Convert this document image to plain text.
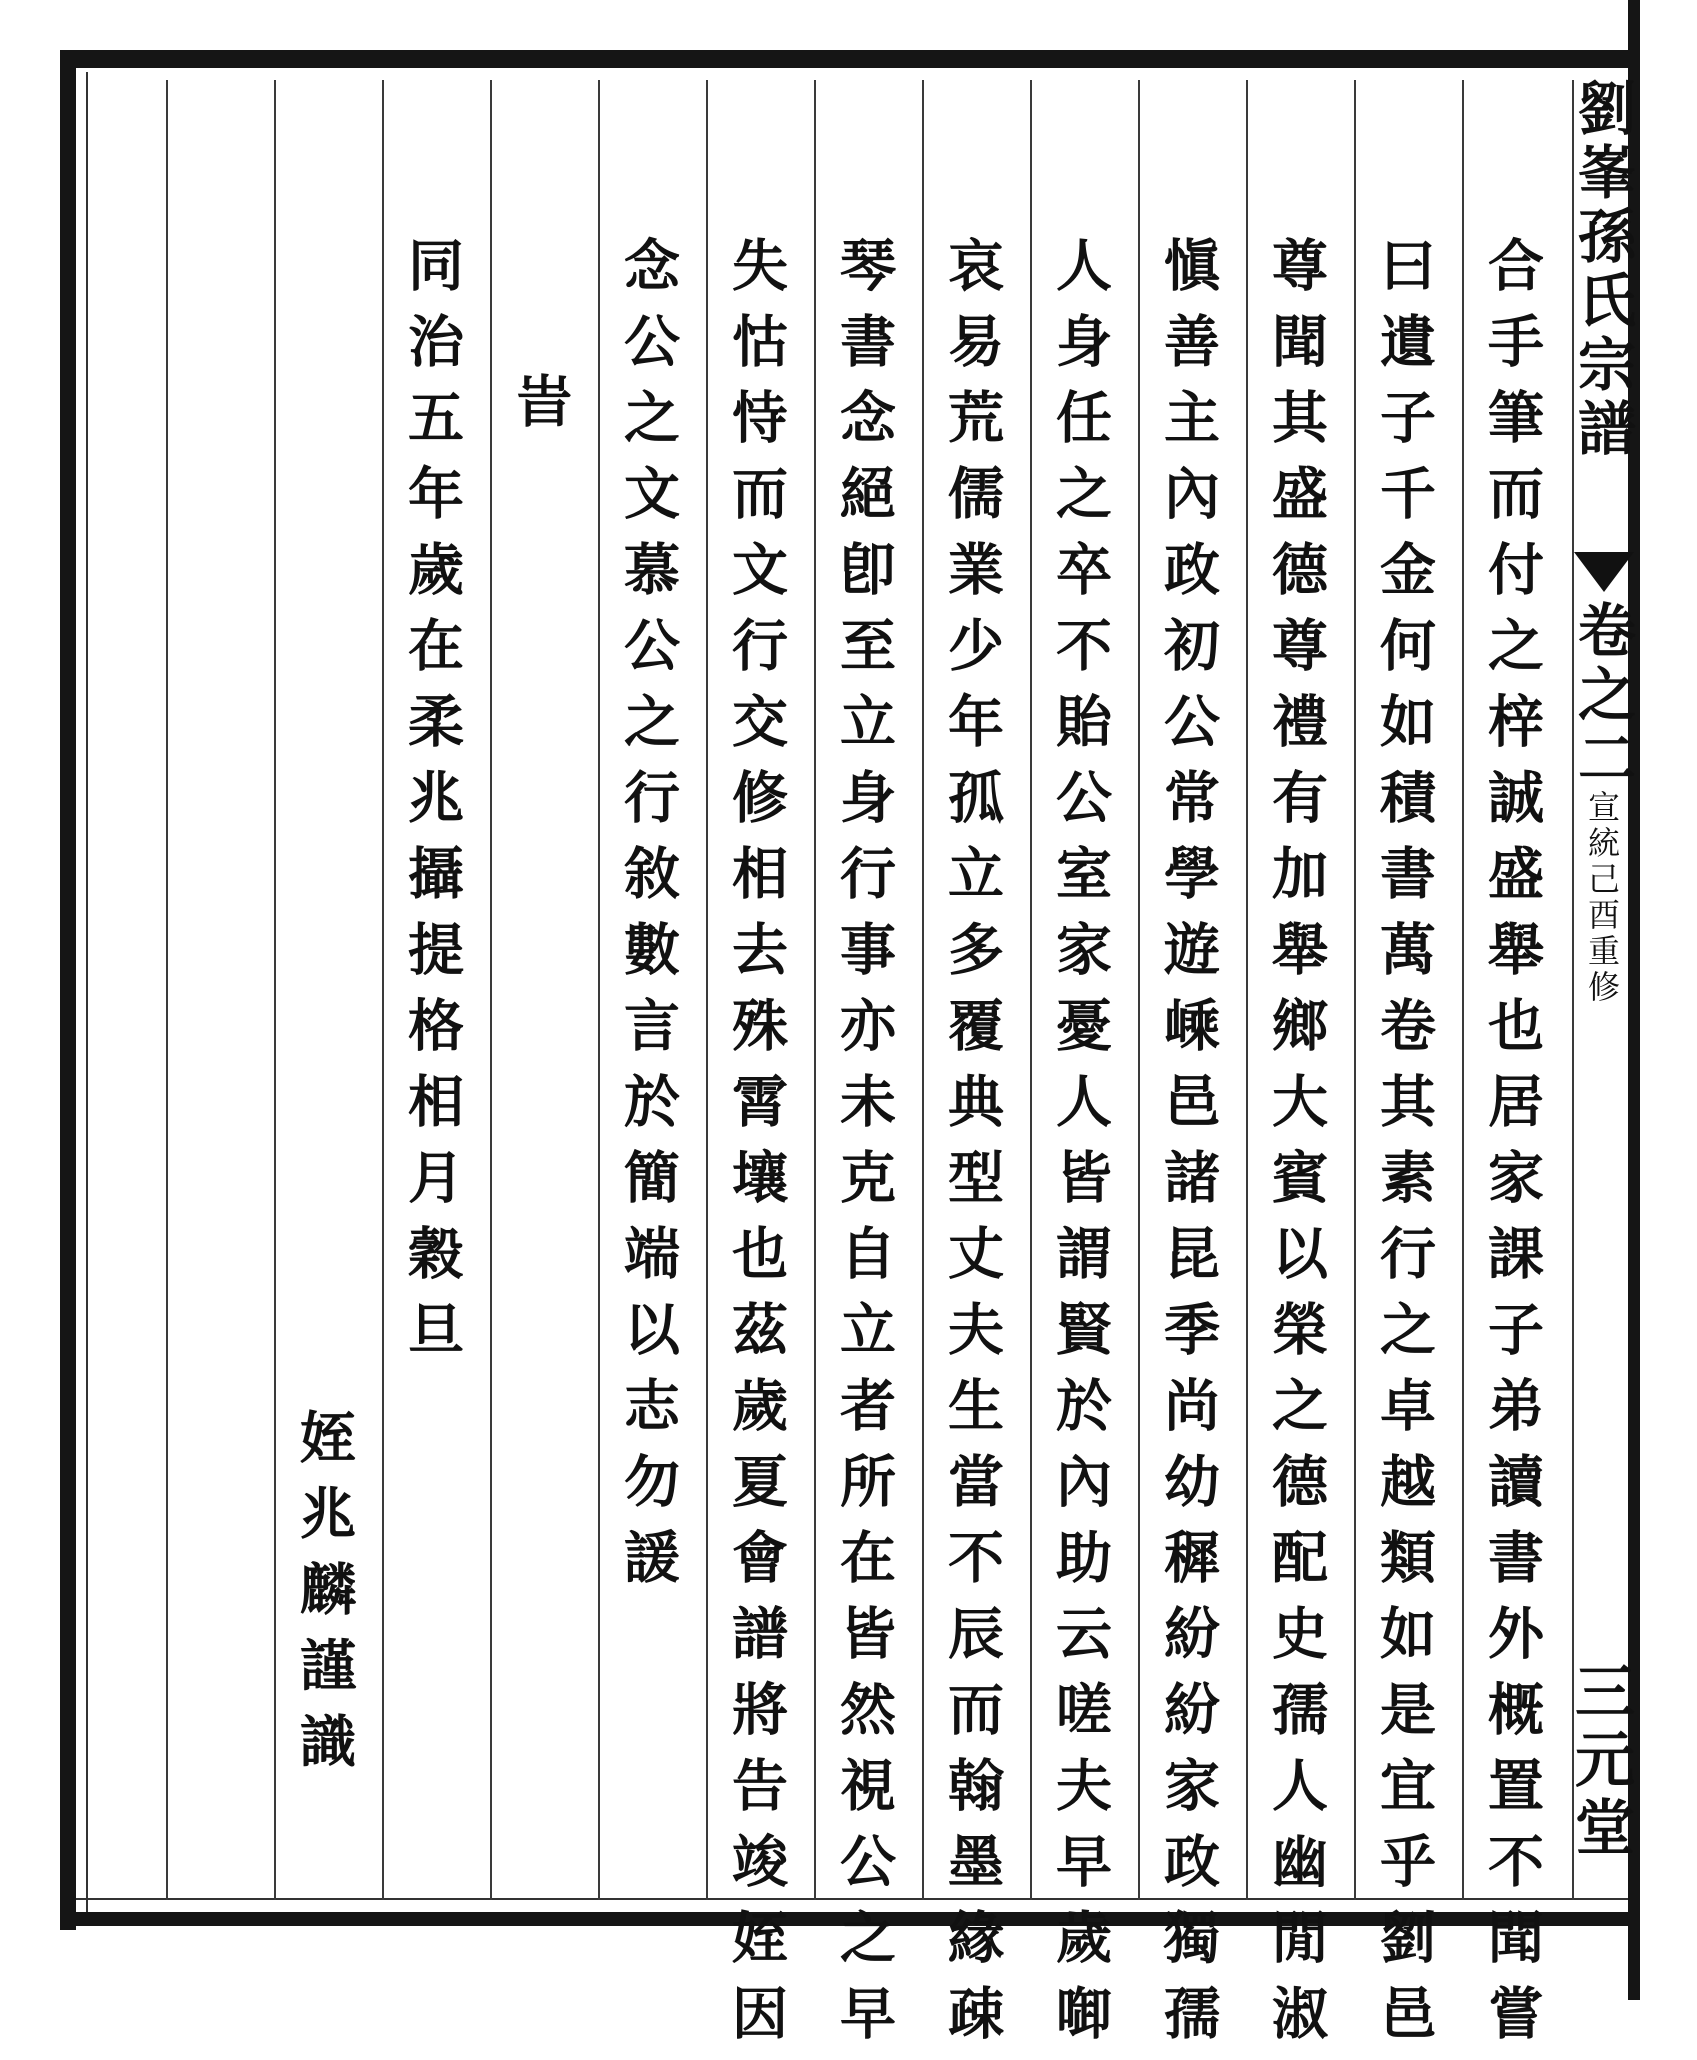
劉峯孫氏宗譜
卷之二
宣統己酉重修
三元堂
合手筆而付之梓誠盛舉也居家課子弟讀書外概置不聞嘗
曰遺子千金何如積書萬卷其素行之卓越類如是宜乎劉邑
尊聞其盛德尊禮有加舉鄉大賓以榮之德配史孺人幽閒淑
愼善主內政初公常學遊嵊邑諸昆季尚幼穉紛紛家政獨孺
人身任之卒不貽公室家憂人皆謂賢於內助云嗟夫早歲啣
哀易荒儒業少年孤立多覆典型丈夫生當不辰而翰墨緣疎
琴書念絕卽至立身行事亦未克自立者所在皆然視公之早
失怙恃而文行交修相去殊霄壤也茲歲夏會譜將告竣姪因
念公之文慕公之行敘數言於簡端以志勿諼
旹
同治五年歲在柔兆攝提格相月穀旦
姪兆麟謹識
